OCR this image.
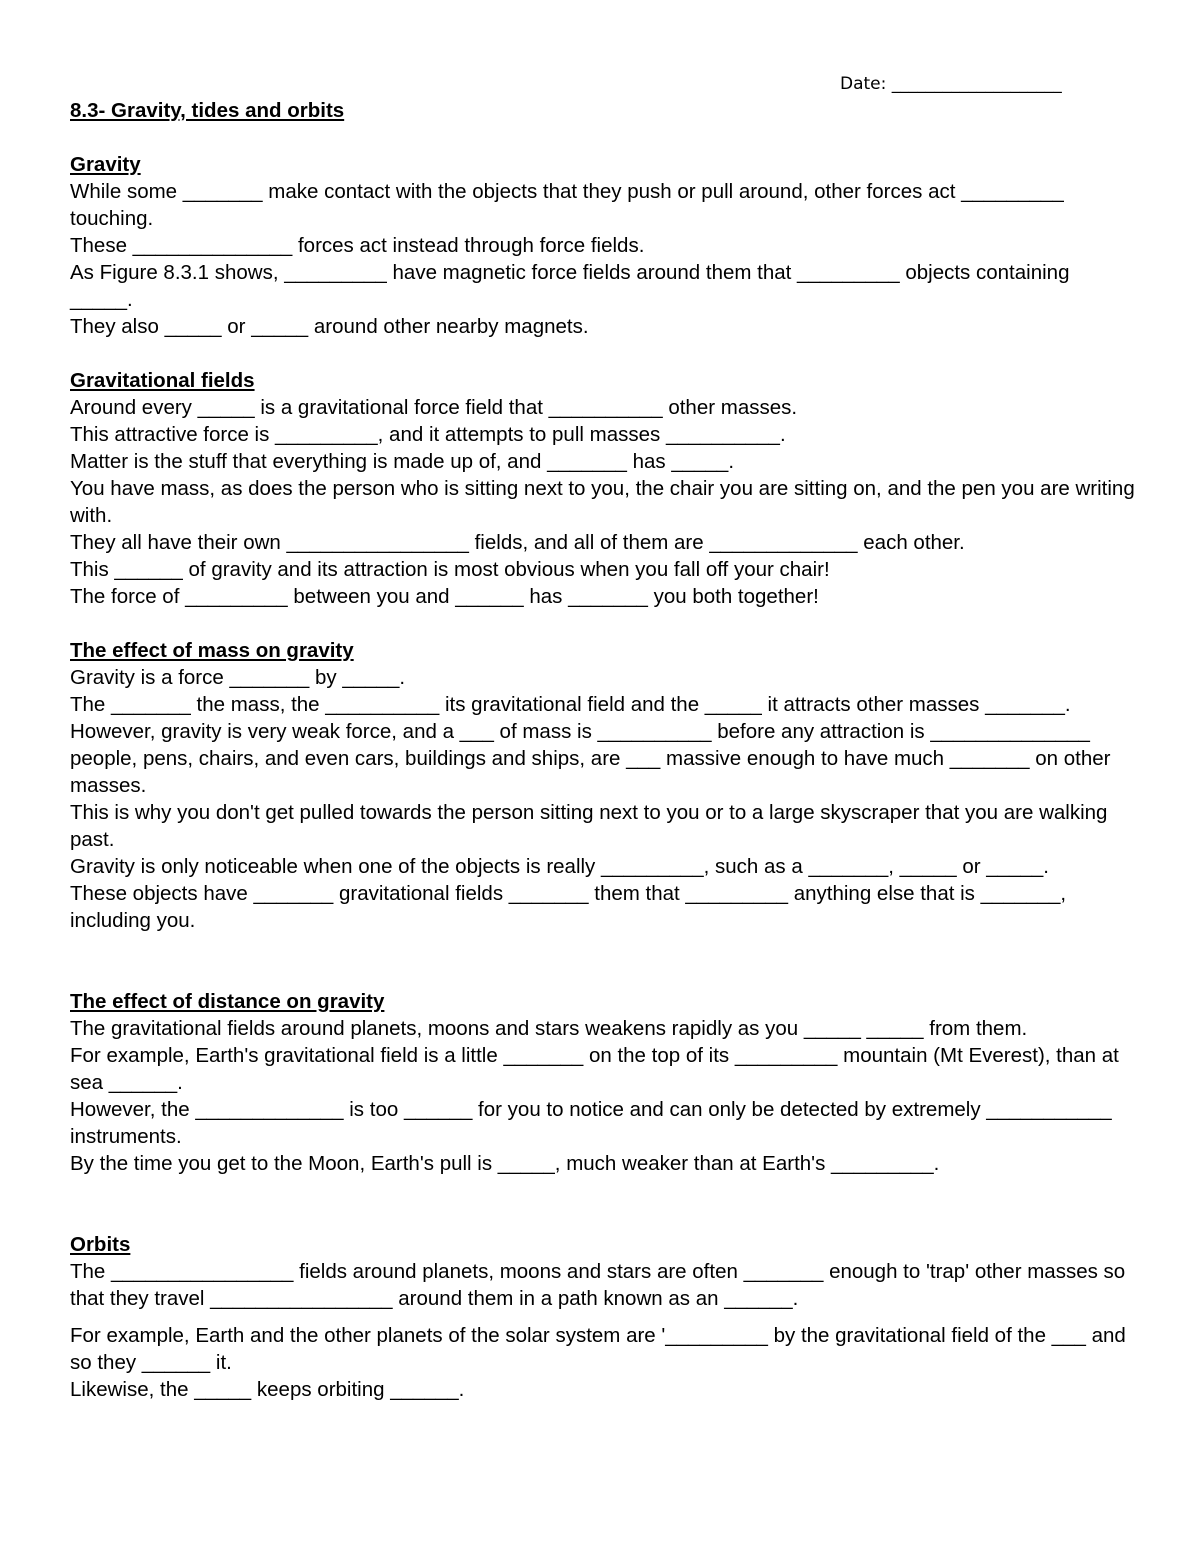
Date: ____________________
8.3- Gravity, tides and orbits
Gravity
While some _______ make contact with the objects that they push or pull around, other forces act _________ touching.
These ______________ forces act instead through force fields.
As Figure 8.3.1 shows, _________ have magnetic force fields around them that _________ objects containing _____.
They also _____ or _____ around other nearby magnets.
Gravitational fields
Around every _____ is a gravitational force field that __________ other masses.
This attractive force is _________, and it attempts to pull masses __________.
Matter is the stuff that everything is made up of, and _______ has _____.
You have mass, as does the person who is sitting next to you, the chair you are sitting on, and the pen you are writing with.
They all have their own ________________ fields, and all of them are _____________ each other.
This ______ of gravity and its attraction is most obvious when you fall off your chair!
The force of _________ between you and ______ has _______ you both together!
The effect of mass on gravity
Gravity is a force _______ by _____.
The _______ the mass, the __________ its gravitational field and the _____ it attracts other masses _______.
However, gravity is very weak force, and a ___ of mass is __________ before any attraction is ______________ people, pens, chairs, and even cars, buildings and ships, are ___ massive enough to have much _______ on other masses.
This is why you don't get pulled towards the person sitting next to you or to a large skyscraper that you are walking past.
Gravity is only noticeable when one of the objects is really _________, such as a _______, _____ or _____.
These objects have _______ gravitational fields _______ them that _________ anything else that is _______, including you.
The effect of distance on gravity
The gravitational fields around planets, moons and stars weakens rapidly as you _____ _____ from them.
For example, Earth's gravitational field is a little _______ on the top of its _________ mountain (Mt Everest), than at sea ______.
However, the _____________ is too ______ for you to notice and can only be detected by extremely ___________ instruments.
By the time you get to the Moon, Earth's pull is _____, much weaker than at Earth's _________.
Orbits
The ________________ fields around planets, moons and stars are often _______ enough to 'trap' other masses so that they travel ________________ around them in a path known as an ______.
For example, Earth and the other planets of the solar system are '_________ by the gravitational field of the ___ and so they ______ it.
Likewise, the _____ keeps orbiting ______.
